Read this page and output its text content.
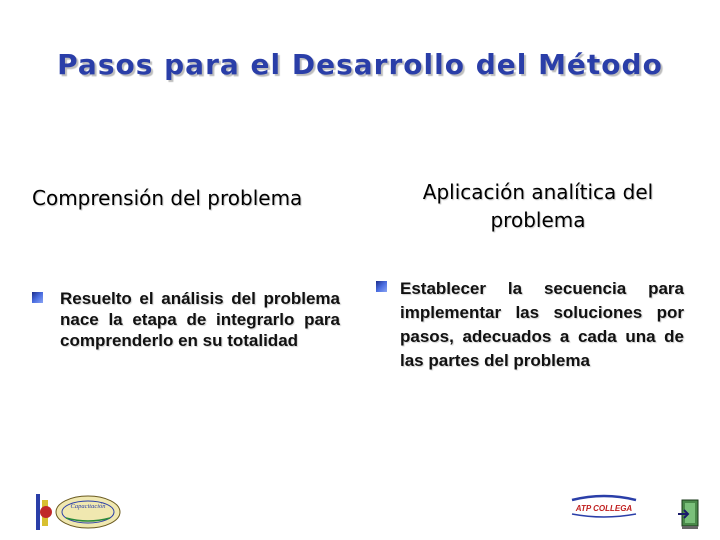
Pasos para el Desarrollo del Método
Comprensión del problema	Aplicación analítica del problema
Resuelto el análisis del problema nace la etapa de integrarlo para comprenderlo en su totalidad
Establecer la secuencia para implementar las soluciones por pasos, adecuados a cada una de las partes del problema
Capacitación	ATP COLLEGA
